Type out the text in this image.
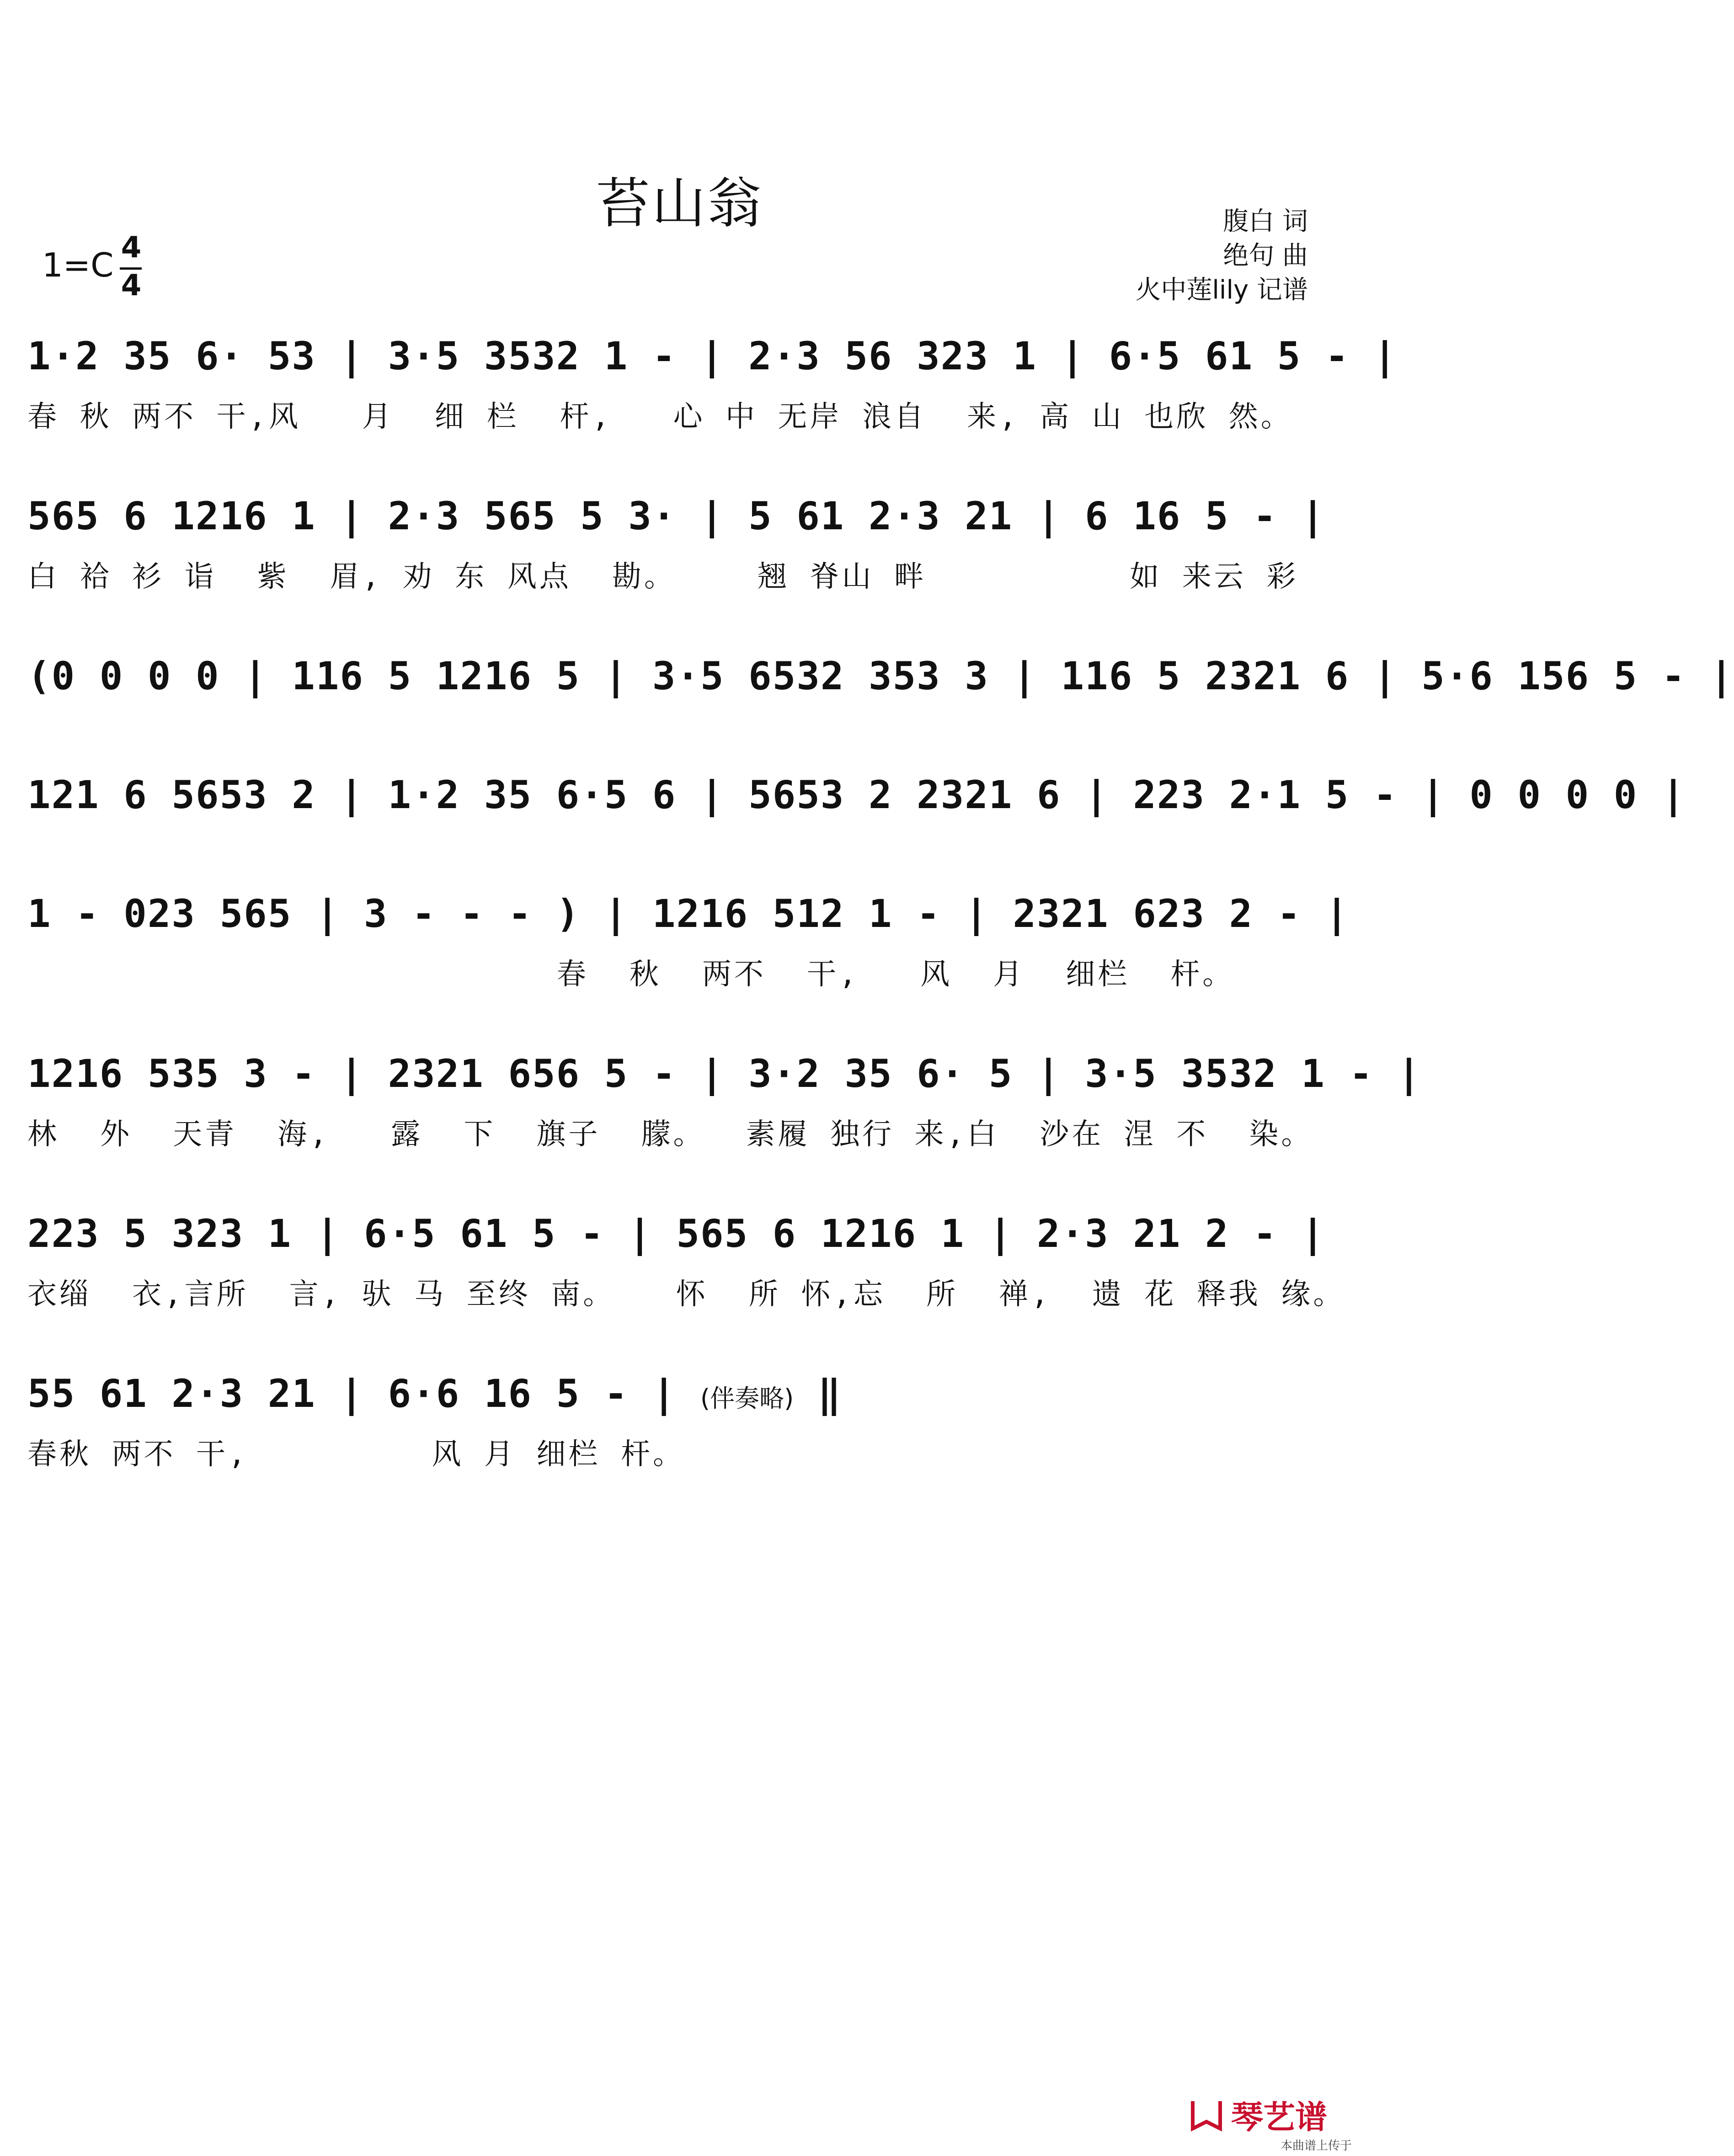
苔山翁	腹白 词
绝句 曲
火中莲lily 记谱
1=C 4
4
1·2 35 6· 53 | 3·5 3532 1 - | 2·3 56 323 1 | 6·5 61 5 - |
春 秋 两不 干,风   月  细 栏  杆,   心 中 无岸 浪自  来, 高 山 也欣 然。
565 6 1216 1 | 2·3 565 5 3· | 5 61 2·3 21 | 6 16 5 - |
白 袷 衫 诣  紫  眉, 劝 东 风点  勘。    翘 脊山 畔          如 来云 彩
(0 0 0 0 | 116 5 1216 5 | 3·5 6532 353 3 | 116 5 2321 6 | 5·6 156 5 - |
121 6 5653 2 | 1·2 35 6·5 6 | 5653 2 2321 6 | 223 2·1 5 - | 0 0 0 0 |
1 - 023 565 | 3 - - - ) | 1216 512 1 - | 2321 623 2 - |
春  秋  两不  干,   风  月  细栏  杆。
1216 535 3 - | 2321 656 5 - | 3·2 35 6· 5 | 3·5 3532 1 - |
林  外  天青  海,   露  下  旗子  朦。  素履 独行 来,白  沙在 涅 不  染。
223 5 323 1 | 6·5 61 5 - | 565 6 1216 1 | 2·3 21 2 - |
衣缁  衣,言所  言, 驮 马 至终 南。   怀  所 怀,忘  所  禅,  遗 花 释我 缘。
55 61 2·3 21 | 6·6 16 5 - | (伴奏略) ‖
春秋 两不 干,         风 月 细栏 杆。
琴艺谱
本曲谱上传于
